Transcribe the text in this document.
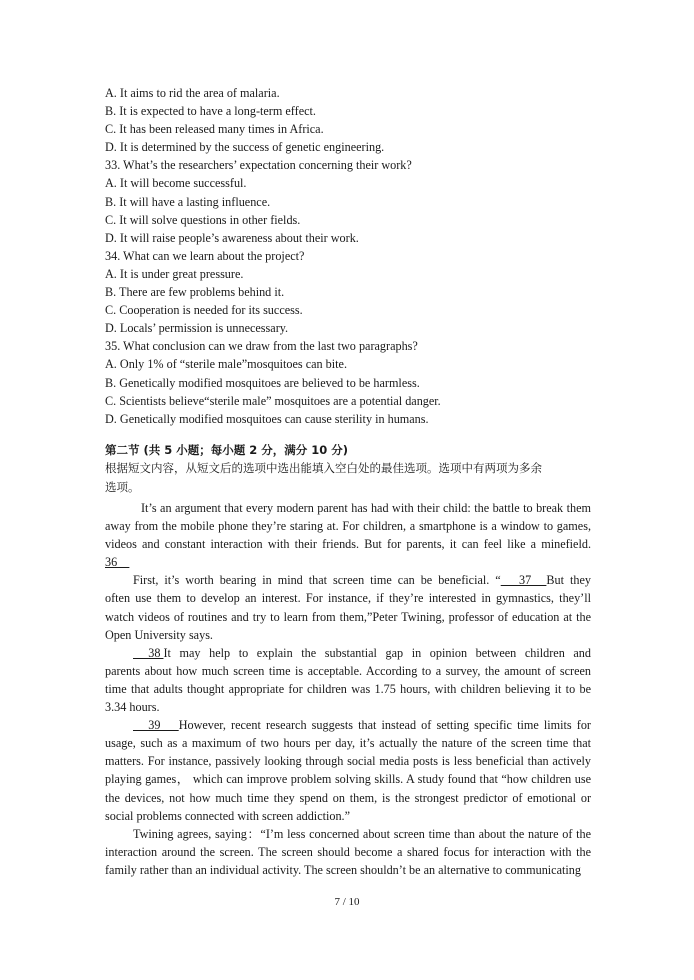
A. It aims to rid the area of malaria.
B. It is expected to have a long-term effect.
C. It has been released many times in Africa.
D. It is determined by the success of genetic engineering.
33. What’s the researchers’ expectation concerning their work?
A. It will become successful.
B. It will have a lasting influence.
C. It will solve questions in other fields.
D. It will raise people’s awareness about their work.
34. What can we learn about the project?
A. It is under great pressure.
B. There are few problems behind it.
C. Cooperation is needed for its success.
D. Locals’ permission is unnecessary.
35. What conclusion can we draw from the last two paragraphs?
A. Only 1% of “sterile male”mosquitoes can bite.
B. Genetically modified mosquitoes are believed to be harmless.
C. Scientists believe“sterile male” mosquitoes are a potential danger.
D. Genetically modified mosquitoes can cause sterility in humans.
第二节 (共 5 小题；每小题 2 分，满分 10 分)
根据短文内容，从短文后的选项中选出能填入空白处的最佳选项。选项中有两项为多余
选项。
It’s an argument that every modern parent has had with their child: the battle to break them
away from the mobile phone they’re staring at. For children, a smartphone is a window to games,
videos and constant interaction with their friends. But for parents, it can feel like a minefield.
36
First, it’s worth bearing in mind that screen time can be beneficial. “      37     But they
often use them to develop an interest. For instance, if they’re interested in gymnastics, they’ll
watch videos of routines and try to learn from them,”Peter Twining, professor of education at the
Open University says.
38 It may help to explain the substantial gap in opinion between children and
parents about how much screen time is acceptable. According to a survey, the amount of screen
time that adults thought appropriate for children was 1.75 hours, with children believing it to be
3.34 hours.
39      However, recent research suggests that instead of setting specific time limits for
usage, such as a maximum of two hours per day, it’s actually the nature of the screen time that
matters. For instance, passively looking through social media posts is less beneficial than actively
playing games， which can improve problem solving skills. A study found that “how children use
the devices, not how much time they spend on them, is the strongest predictor of emotional or
social problems connected with screen addiction.”
Twining agrees, saying：“I’m less concerned about screen time than about the nature of the
interaction around the screen. The screen should become a shared focus for interaction with the
family rather than an individual activity. The screen shouldn’t be an alternative to communicating
7 / 10
